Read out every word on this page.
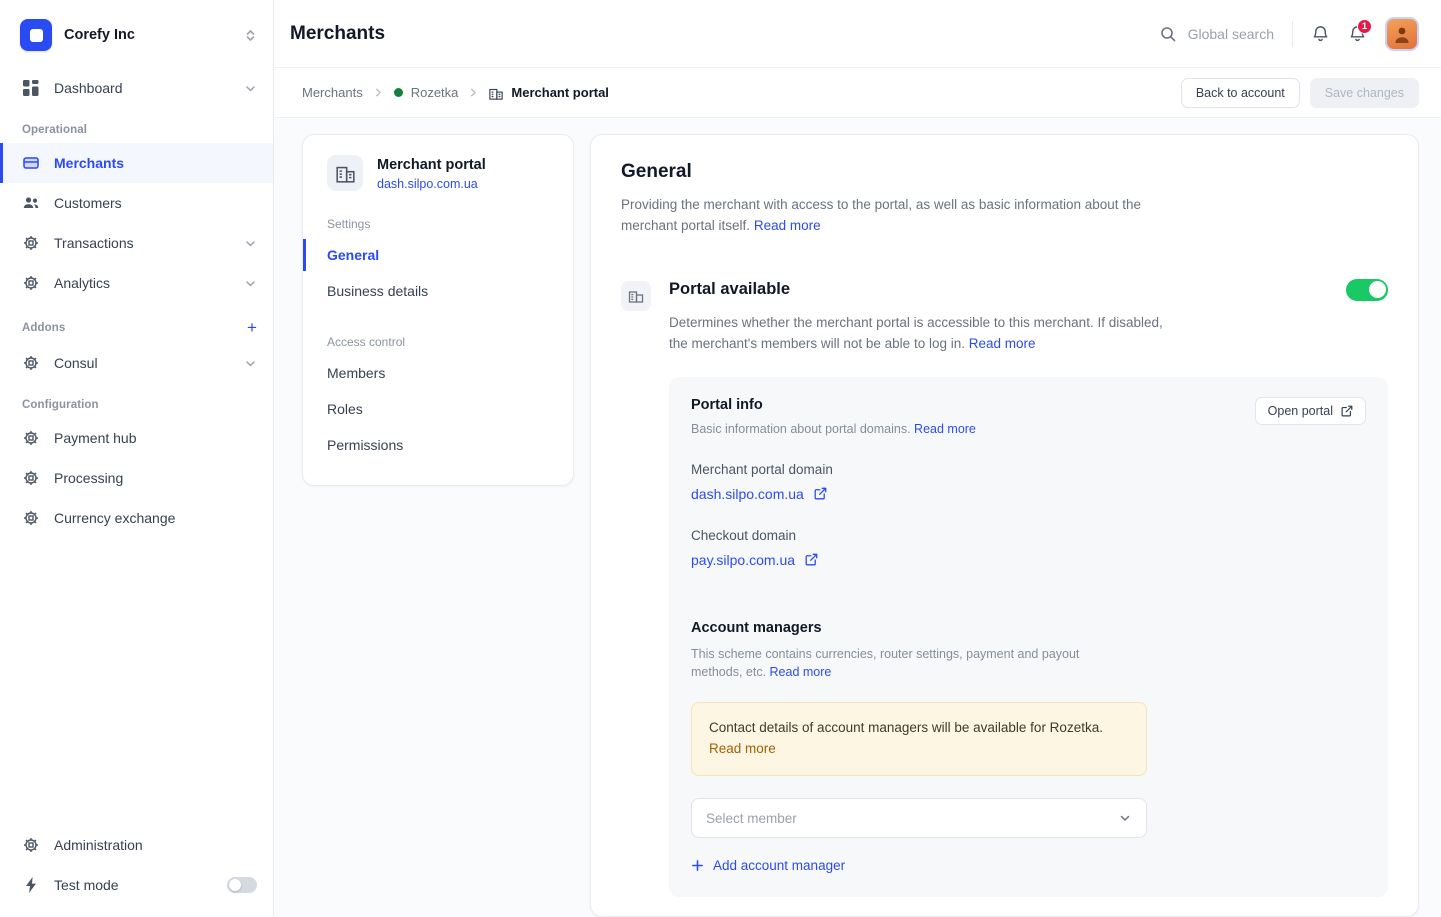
Corefy Inc
Dashboard
Operational
Merchants
Customers
Transactions
Analytics
Addons	+
Consul
Configuration
Payment hub
Processing
Currency exchange
Administration
Test mode
Merchants	Global search	1
Merchants	Rozetka	Merchant portal	Back to account	Save changes
Merchant portal
dash.silpo.com.ua
Settings
General
Business details
Access control
Members
Roles
Permissions
General
Providing the merchant with access to the portal, as well as basic information about the merchant portal itself. Read more
Portal available
Determines whether the merchant portal is accessible to this merchant. If disabled, the merchant's members will not be able to log in. Read more
Portal info
Basic information about portal domains. Read more
Open portal
Merchant portal domain
dash.silpo.com.ua
Checkout domain
pay.silpo.com.ua
Account managers
This scheme contains currencies, router settings, payment and payout methods, etc. Read more
Contact details of account managers will be available for Rozetka. Read more
Select member
Add account manager
